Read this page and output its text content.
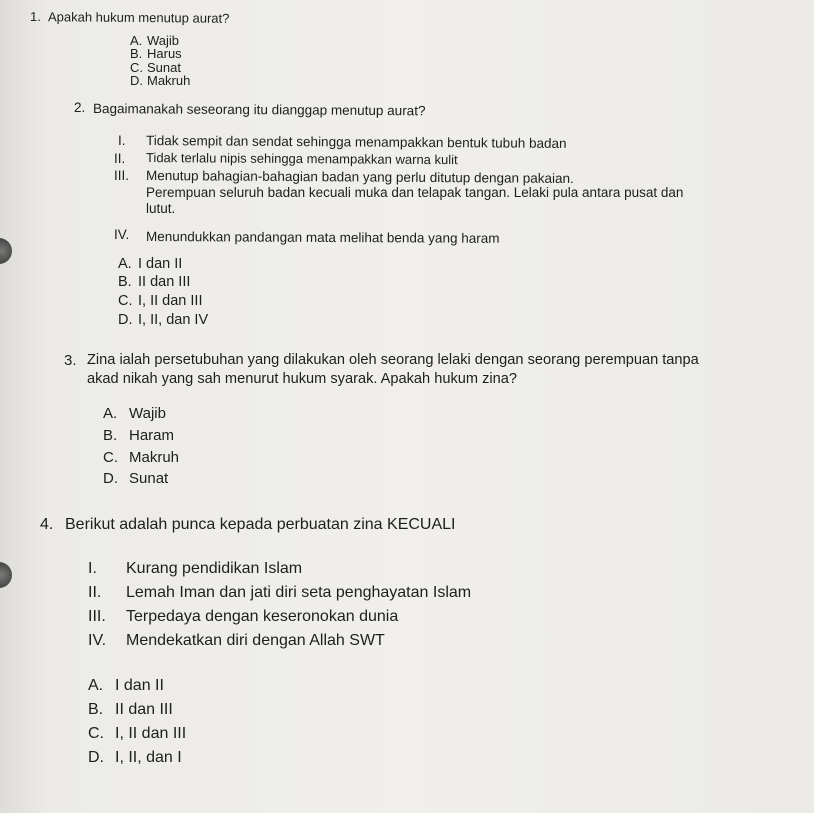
1. Apakah hukum menutup aurat?
A. Wajib
B. Harus
C. Sunat
D. Makruh
2. Bagaimanakah seseorang itu dianggap menutup aurat?
I. Tidak sempit dan sendat sehingga menampakkan bentuk tubuh badan
II. Tidak terlalu nipis sehingga menampakkan warna kulit
III. Menutup bahagian-bahagian badan yang perlu ditutup dengan pakaian.
Perempuan seluruh badan kecuali muka dan telapak tangan. Lelaki pula antara pusat dan
lutut.
IV. Menundukkan pandangan mata melihat benda yang haram
A. I dan II
B. II dan III
C. I, II dan III
D. I, II, dan IV
3. Zina ialah persetubuhan yang dilakukan oleh seorang lelaki dengan seorang perempuan tanpa
akad nikah yang sah menurut hukum syarak. Apakah hukum zina?
A. Wajib
B. Haram
C. Makruh
D. Sunat
4. Berikut adalah punca kepada perbuatan zina KECUALI
I. Kurang pendidikan Islam
II. Lemah Iman dan jati diri seta penghayatan Islam
III. Terpedaya dengan keseronokan dunia
IV. Mendekatkan diri dengan Allah SWT
A. I dan II
B. II dan III
C. I, II dan III
D. I, II, dan I
